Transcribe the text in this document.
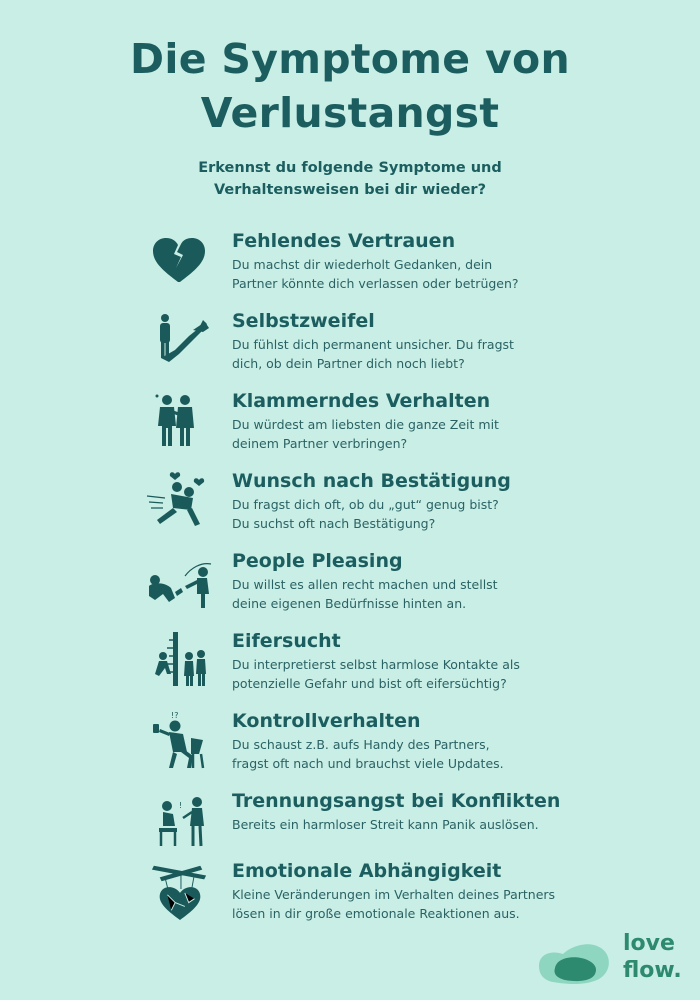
Die Symptome von
Verlustangst
Erkennst du folgende Symptome und
Verhaltensweisen bei dir wieder?
Fehlendes Vertrauen
Du machst dir wiederholt Gedanken, dein
Partner könnte dich verlassen oder betrügen?
Selbstzweifel
Du fühlst dich permanent unsicher. Du fragst
dich, ob dein Partner dich noch liebt?
Klammerndes Verhalten
Du würdest am liebsten die ganze Zeit mit
deinem Partner verbringen?
Wunsch nach Bestätigung
Du fragst dich oft, ob du „gut“ genug bist?
Du suchst oft nach Bestätigung?
People Pleasing
Du willst es allen recht machen und stellst
deine eigenen Bedürfnisse hinten an.
Eifersucht
Du interpretierst selbst harmlose Kontakte als
potenzielle Gefahr und bist oft eifersüchtig?
!?	Kontrollverhalten
Du schaust z.B. aufs Handy des Partners,
fragst oft nach und brauchst viele Updates.
!	Trennungsangst bei Konflikten
Bereits ein harmloser Streit kann Panik auslösen.
Emotionale Abhängigkeit
Kleine Veränderungen im Verhalten deines Partners
lösen in dir große emotionale Reaktionen aus.
love
flow.
